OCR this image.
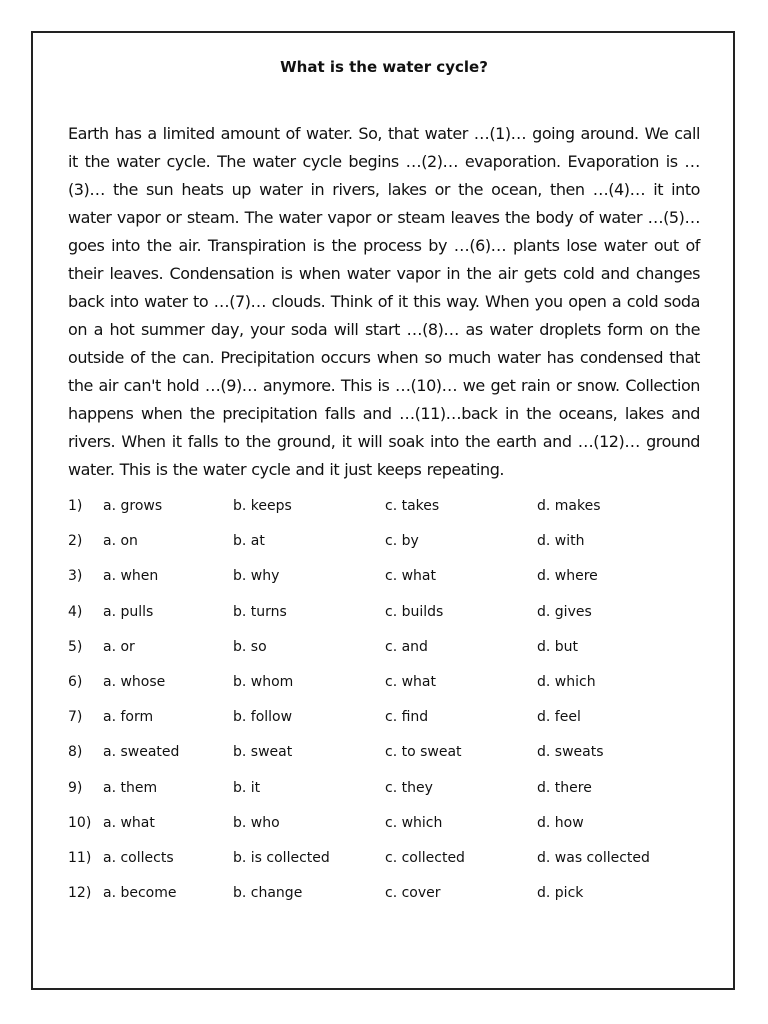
What is the water cycle?

Earth has a limited amount of water. So, that water …(1)… going around. We call it the water cycle. The water cycle begins …(2)… evaporation. Evaporation is …(3)… the sun heats up water in rivers, lakes or the ocean, then …(4)… it into water vapor or steam. The water vapor or steam leaves the body of water …(5)… goes into the air. Transpiration is the process by …(6)… plants lose water out of their leaves. Condensation is when water vapor in the air gets cold and changes back into water to …(7)… clouds. Think of it this way. When you open a cold soda on a hot summer day, your soda will start …(8)… as water droplets form on the outside of the can. Precipitation occurs when so much water has condensed that the air can't hold …(9)… anymore. This is …(10)… we get rain or snow. Collection happens when the precipitation falls and …(11)…back in the oceans, lakes and rivers. When it falls to the ground, it will soak into the earth and …(12)… ground water. This is the water cycle and it just keeps repeating.

1) a. grows	b. keeps	c. takes	d. makes
2) a. on	b. at	c. by	d. with
3) a. when	b. why	c. what	d. where
4) a. pulls	b. turns	c. builds	d. gives
5) a. or	b. so	c. and	d. but
6) a. whose	b. whom	c. what	d. which
7) a. form	b. follow	c. find	d. feel
8) a. sweated	b. sweat	c. to sweat	d. sweats
9) a. them	b. it	c. they	d. there
10) a. what	b. who	c. which	d. how
11) a. collects	b. is collected	c. collected	d. was collected
12) a. become	b. change	c. cover	d. pick
